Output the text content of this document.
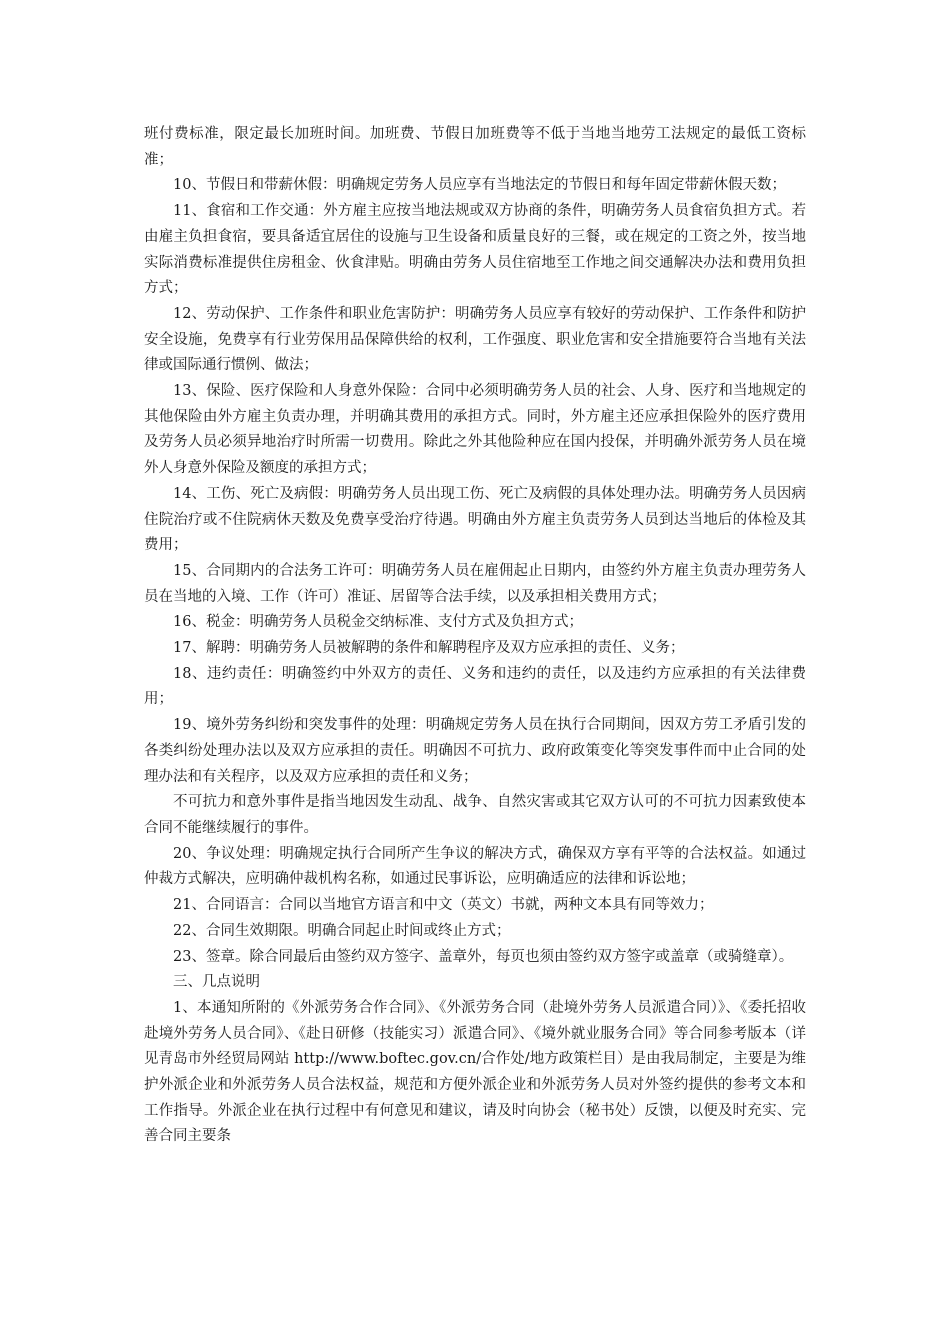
班付费标准，限定最长加班时间。加班费、节假日加班费等不低于当地当地劳工法规定的最低工资标准；

10、节假日和带薪休假：明确规定劳务人员应享有当地法定的节假日和每年固定带薪休假天数；

11、食宿和工作交通：外方雇主应按当地法规或双方协商的条件，明确劳务人员食宿负担方式。若由雇主负担食宿，要具备适宜居住的设施与卫生设备和质量良好的三餐，或在规定的工资之外，按当地实际消费标准提供住房租金、伙食津贴。明确由劳务人员住宿地至工作地之间交通解决办法和费用负担方式；

12、劳动保护、工作条件和职业危害防护：明确劳务人员应享有较好的劳动保护、工作条件和防护安全设施，免费享有行业劳保用品保障供给的权利，工作强度、职业危害和安全措施要符合当地有关法律或国际通行惯例、做法；

13、保险、医疗保险和人身意外保险：合同中必须明确劳务人员的社会、人身、医疗和当地规定的其他保险由外方雇主负责办理，并明确其费用的承担方式。同时，外方雇主还应承担保险外的医疗费用及劳务人员必须异地治疗时所需一切费用。除此之外其他险种应在国内投保，并明确外派劳务人员在境外人身意外保险及额度的承担方式；

14、工伤、死亡及病假：明确劳务人员出现工伤、死亡及病假的具体处理办法。明确劳务人员因病住院治疗或不住院病休天数及免费享受治疗待遇。明确由外方雇主负责劳务人员到达当地后的体检及其费用；

15、合同期内的合法务工许可：明确劳务人员在雇佣起止日期内，由签约外方雇主负责办理劳务人员在当地的入境、工作（许可）准证、居留等合法手续，以及承担相关费用方式；

16、税金：明确劳务人员税金交纳标准、支付方式及负担方式；

17、解聘：明确劳务人员被解聘的条件和解聘程序及双方应承担的责任、义务；

18、违约责任：明确签约中外双方的责任、义务和违约的责任，以及违约方应承担的有关法律费用；

19、境外劳务纠纷和突发事件的处理：明确规定劳务人员在执行合同期间，因双方劳工矛盾引发的各类纠纷处理办法以及双方应承担的责任。明确因不可抗力、政府政策变化等突发事件而中止合同的处理办法和有关程序，以及双方应承担的责任和义务；

不可抗力和意外事件是指当地因发生动乱、战争、自然灾害或其它双方认可的不可抗力因素致使本合同不能继续履行的事件。

20、争议处理：明确规定执行合同所产生争议的解决方式，确保双方享有平等的合法权益。如通过仲裁方式解决，应明确仲裁机构名称，如通过民事诉讼，应明确适应的法律和诉讼地；

21、合同语言：合同以当地官方语言和中文（英文）书就，两种文本具有同等效力；

22、合同生效期限。明确合同起止时间或终止方式；

23、签章。除合同最后由签约双方签字、盖章外，每页也须由签约双方签字或盖章（或骑缝章）。

三、几点说明

1、本通知所附的《外派劳务合作合同》、《外派劳务合同（赴境外劳务人员派遣合同）》、《委托招收赴境外劳务人员合同》、《赴日研修（技能实习）派遣合同》、《境外就业服务合同》等合同参考版本（详见青岛市外经贸局网站 http://www.boftec.gov.cn/合作处/地方政策栏目）是由我局制定，主要是为维护外派企业和外派劳务人员合法权益，规范和方便外派企业和外派劳务人员对外签约提供的参考文本和工作指导。外派企业在执行过程中有何意见和建议，请及时向协会（秘书处）反馈，以便及时充实、完善合同主要条
